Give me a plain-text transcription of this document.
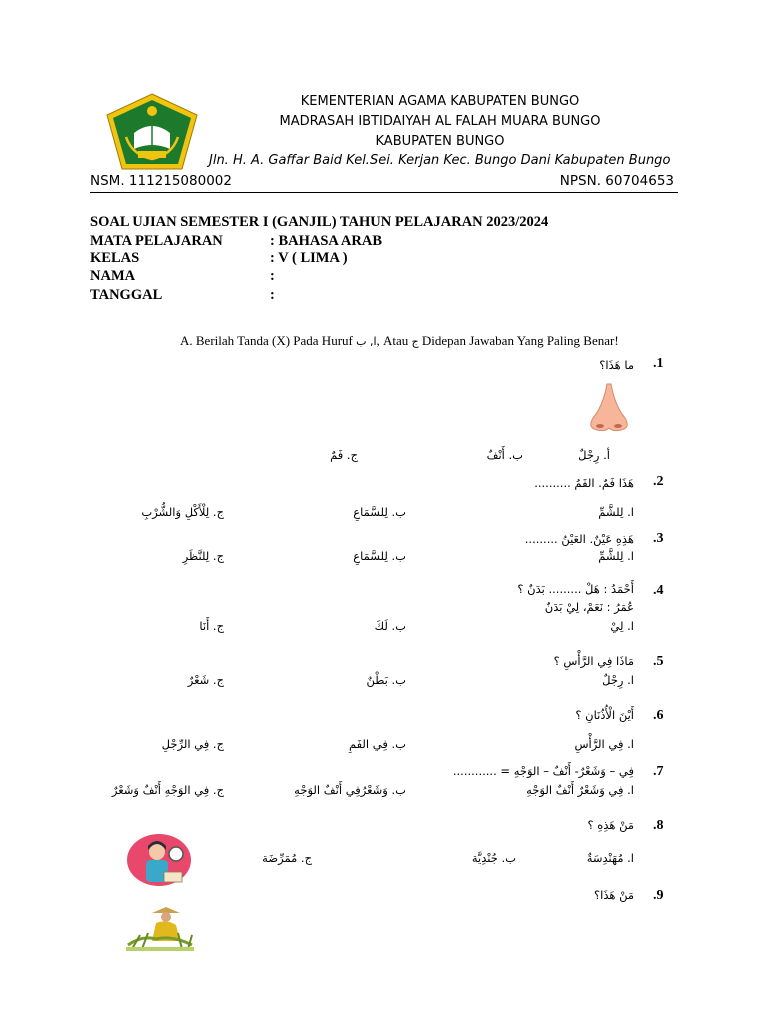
KEMENTERIAN AGAMA KABUPATEN BUNGO
MADRASAH IBTIDAIYAH AL FALAH MUARA BUNGO
KABUPATEN BUNGO
Jln. H. A. Gaffar Baid Kel.Sei. Kerjan Kec. Bungo Dani Kabupaten Bungo
NSM. 111215080002	NPSN. 60704653
SOAL UJIAN SEMESTER I (GANJIL) TAHUN PELAJARAN 2023/2024
MATA PELAJARAN	: BAHASA ARAB
KELAS	: V ( LIMA )
NAMA	:
TANGGAL	:
A. Berilah Tanda (X) Pada Huruf ا, ب, Atau ج Didepan Jawaban Yang Paling Benar!
.1
ما هَذَا؟
أ. رِجْلٌ
ب. أَنْفٌ
ج. فَمٌ
.2
هَذَا فَمٌ. الفَمُ ..........
ا. لِلشَّمِّ
ب. لِلسَّمَاعِ
ج. لِلْأَكْلِ وَالشُّرْبِ
.3
هَذِهِ عَيْنٌ. العَيْنُ .........
ا. لِلشَّمِّ
ب. لِلسَّمَاعِ
ج. لِلنَّظَرِ
.4
أَحْمَدُ : هَلْ ......... بَدَنٌ ؟
عُمَرُ : نَعَمْ، لِيْ بَدَنٌ
ا. لِيْ
ب. لَكَ
ج. أَنَا
.5
مَاذَا فِي الرَّأْسِ ؟
ا. رِجْلٌ
ب. بَطْنٌ
ج. شَعْرٌ
.6
أَيْنَ الْأُذُنَانِ ؟
ا. فِي الرَّأْسِ
ب. فِي الفَمِ
ج. فِي الرِّجْلِ
.7
فِي – وَشَعْرٌ- أَنْفٌ – الوَجْهِ = ............
ا. فِي وَشَعْرٌ أَنْفٌ الوَجْهِ
ب. وَشَعْرُفِي أَنْفٌ الوَجْهِ
ج. فِي الوَجْهِ أَنْفٌ وَشَعْرٌ
.8
مَنْ هَذِهِ ؟
ا. مُهَنْدِسَةٌ
ب. جُنْدِيَّة
ج. مُمَرِّضَة
.9
مَنْ هَذَا؟
